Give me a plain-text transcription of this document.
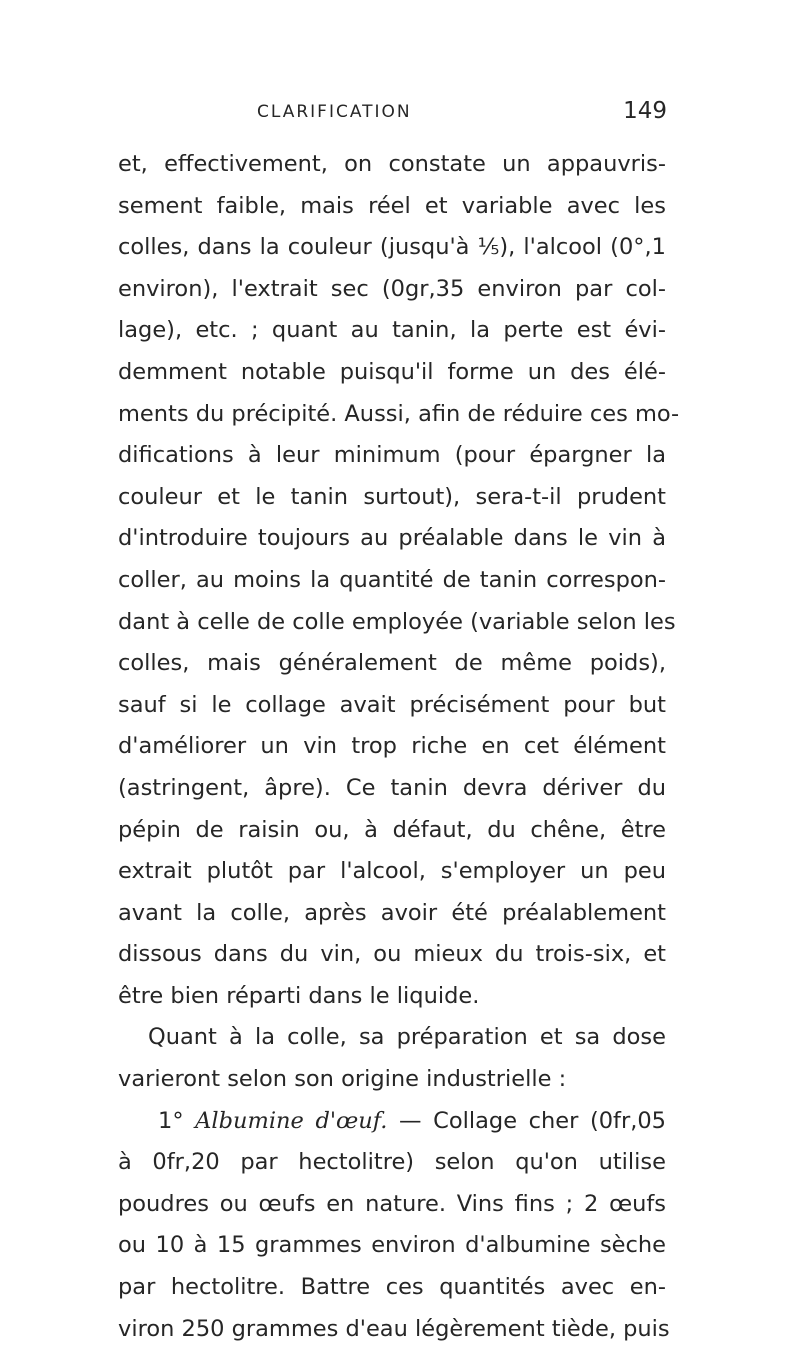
CLARIFICATION	149
et, effectivement, on constate un appauvris-
sement faible, mais réel et variable avec les
colles, dans la couleur (jusqu'à ⅕), l'alcool (0°,1
environ), l'extrait sec (0gr,35 environ par col-
lage), etc. ; quant au tanin, la perte est évi-
demment notable puisqu'il forme un des élé-
ments du précipité. Aussi, afin de réduire ces mo-
difications à leur minimum (pour épargner la
couleur et le tanin surtout), sera-t-il prudent
d'introduire toujours au préalable dans le vin à
coller, au moins la quantité de tanin correspon-
dant à celle de colle employée (variable selon les
colles, mais généralement de même poids),
sauf si le collage avait précisément pour but
d'améliorer un vin trop riche en cet élément
(astringent, âpre). Ce tanin devra dériver du
pépin de raisin ou, à défaut, du chêne, être
extrait plutôt par l'alcool, s'employer un peu
avant la colle, après avoir été préalablement
dissous dans du vin, ou mieux du trois-six, et
être bien réparti dans le liquide.
Quant à la colle, sa préparation et sa dose
varieront selon son origine industrielle :
1° Albumine d'œuf. — Collage cher (0fr,05
à 0fr,20 par hectolitre) selon qu'on utilise
poudres ou œufs en nature. Vins fins ; 2 œufs
ou 10 à 15 grammes environ d'albumine sèche
par hectolitre. Battre ces quantités avec en-
viron 250 grammes d'eau légèrement tiède, puis
